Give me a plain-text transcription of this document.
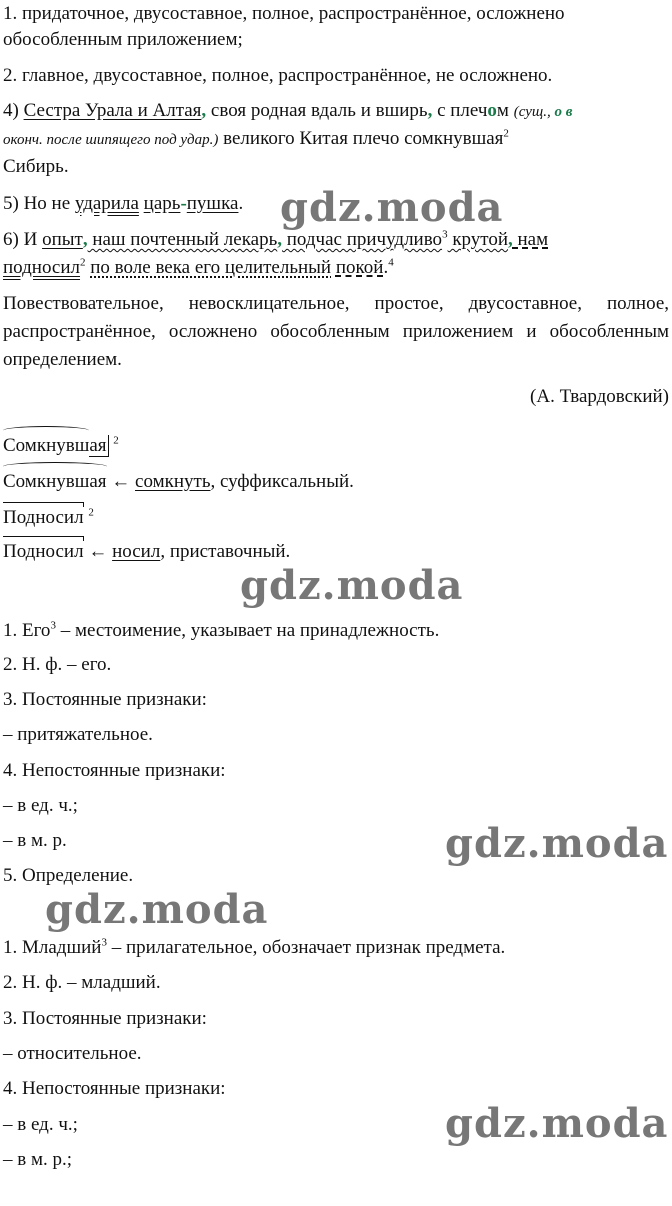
1. придаточное, двусоставное, полное, распространённое, осложнено
обособленным приложением;
2. главное, двусоставное, полное, распространённое, не осложнено.
4) Сестра Урала и Алтая, своя родная вдаль и вширь, с плечом (сущ., о в
оконч. после шипящего под удар.) великого Китая плечо сомкнувшая$^2$
Сибирь.
5) Но не ударила царь-пушка.
6) И опыт, наш почтенный лекарь, подчас причудливо$^3$ крутой, нам
подносил$^2$ по воле века его целительный покой.$^4$
Повествовательное, невосклицательное, простое, двусоставное, полное, распространённое, осложнено обособленным приложением и обособленным определением.
(А. Твардовский)
Сомкнувшая $^2$
Сомкнувшая ← сомкнуть, суффиксальный.
Подносил $^2$
Подносил ← носил, приставочный.
1. Его$^3$ – местоимение, указывает на принадлежность.
2. Н. ф. – его.
3. Постоянные признаки:
– притяжательное.
4. Непостоянные признаки:
– в ед. ч.;
– в м. р.
5. Определение.
1. Младший$^3$ – прилагательное, обозначает признак предмета.
2. Н. ф. – младший.
3. Постоянные признаки:
– относительное.
4. Непостоянные признаки:
– в ед. ч.;
– в м. р.;
gdz.moda
gdz.moda
gdz.moda
gdz.moda
gdz.moda
